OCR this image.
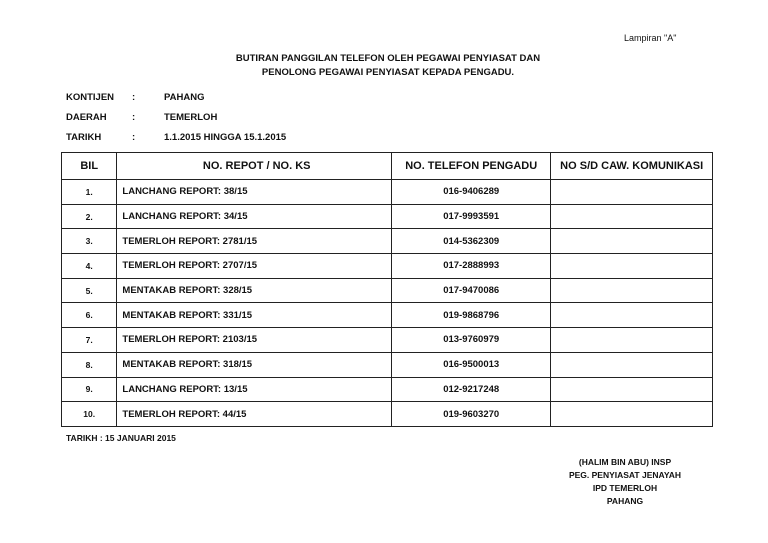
Lampiran "A"
BUTIRAN PANGGILAN TELEFON OLEH PEGAWAI PENYIASAT DAN
PENOLONG PEGAWAI PENYIASAT KEPADA PENGADU.
KONTIJEN	:	PAHANG
DAERAH	:	TEMERLOH
TARIKH	:	1.1.2015 HINGGA 15.1.2015
BIL	NO. REPOT / NO. KS	NO. TELEFON PENGADU	NO S/D CAW. KOMUNIKASI
1.	LANCHANG REPORT: 38/15	016-9406289	
2.	LANCHANG REPORT: 34/15	017-9993591	
3.	TEMERLOH REPORT: 2781/15	014-5362309	
4.	TEMERLOH REPORT: 2707/15	017-2888993	
5.	MENTAKAB REPORT: 328/15	017-9470086	
6.	MENTAKAB REPORT: 331/15	019-9868796	
7.	TEMERLOH REPORT: 2103/15	013-9760979	
8.	MENTAKAB REPORT: 318/15	016-9500013	
9.	LANCHANG REPORT: 13/15	012-9217248	
10.	TEMERLOH REPORT: 44/15	019-9603270	
TARIKH : 15 JANUARI 2015
(HALIM BIN ABU) INSP
PEG. PENYIASAT JENAYAH
IPD TEMERLOH
PAHANG
